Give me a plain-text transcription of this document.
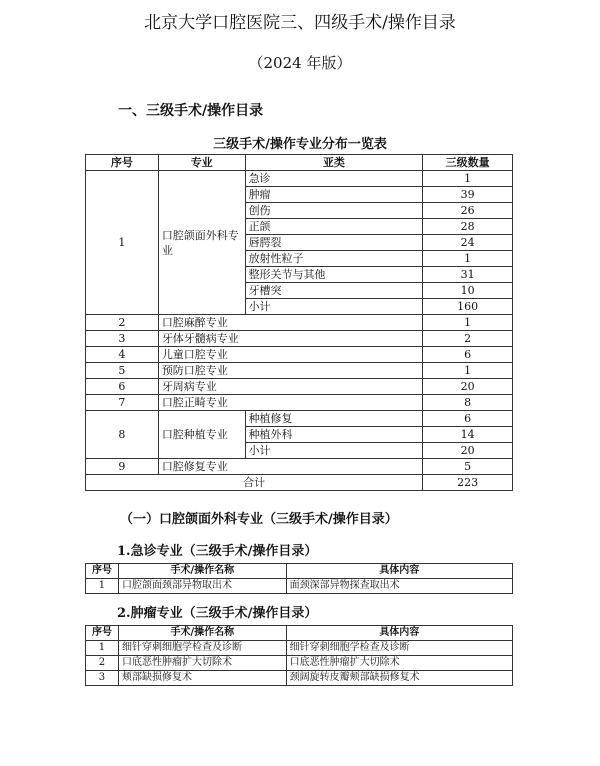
北京大学口腔医院三、四级手术/操作目录
（2024 年版）
一、三级手术/操作目录
三级手术/操作专业分布一览表
序号	专业	亚类	三级数量
1	口腔颌面外科专业	急诊	1
		肿瘤	39
		创伤	26
		正颌	28
		唇腭裂	24
		放射性粒子	1
		整形关节与其他	31
		牙槽突	10
		小计	160
2	口腔麻醉专业		1
3	牙体牙髓病专业		2
4	儿童口腔专业		6
5	预防口腔专业		1
6	牙周病专业		20
7	口腔正畸专业		8
8	口腔种植专业	种植修复	6
		种植外科	14
		小计	20
9	口腔修复专业		5
合计			223
（一）口腔颌面外科专业（三级手术/操作目录）
1.急诊专业（三级手术/操作目录）
序号	手术/操作名称	具体内容
1	口腔颌面颈部异物取出术	面颈深部异物探查取出术
2.肿瘤专业（三级手术/操作目录）
序号	手术/操作名称	具体内容
1	细针穿刺细胞学检查及诊断	细针穿刺细胞学检查及诊断
2	口底恶性肿瘤扩大切除术	口底恶性肿瘤扩大切除术
3	颊部缺损修复术	颈阔旋转皮瓣颊部缺损修复术
